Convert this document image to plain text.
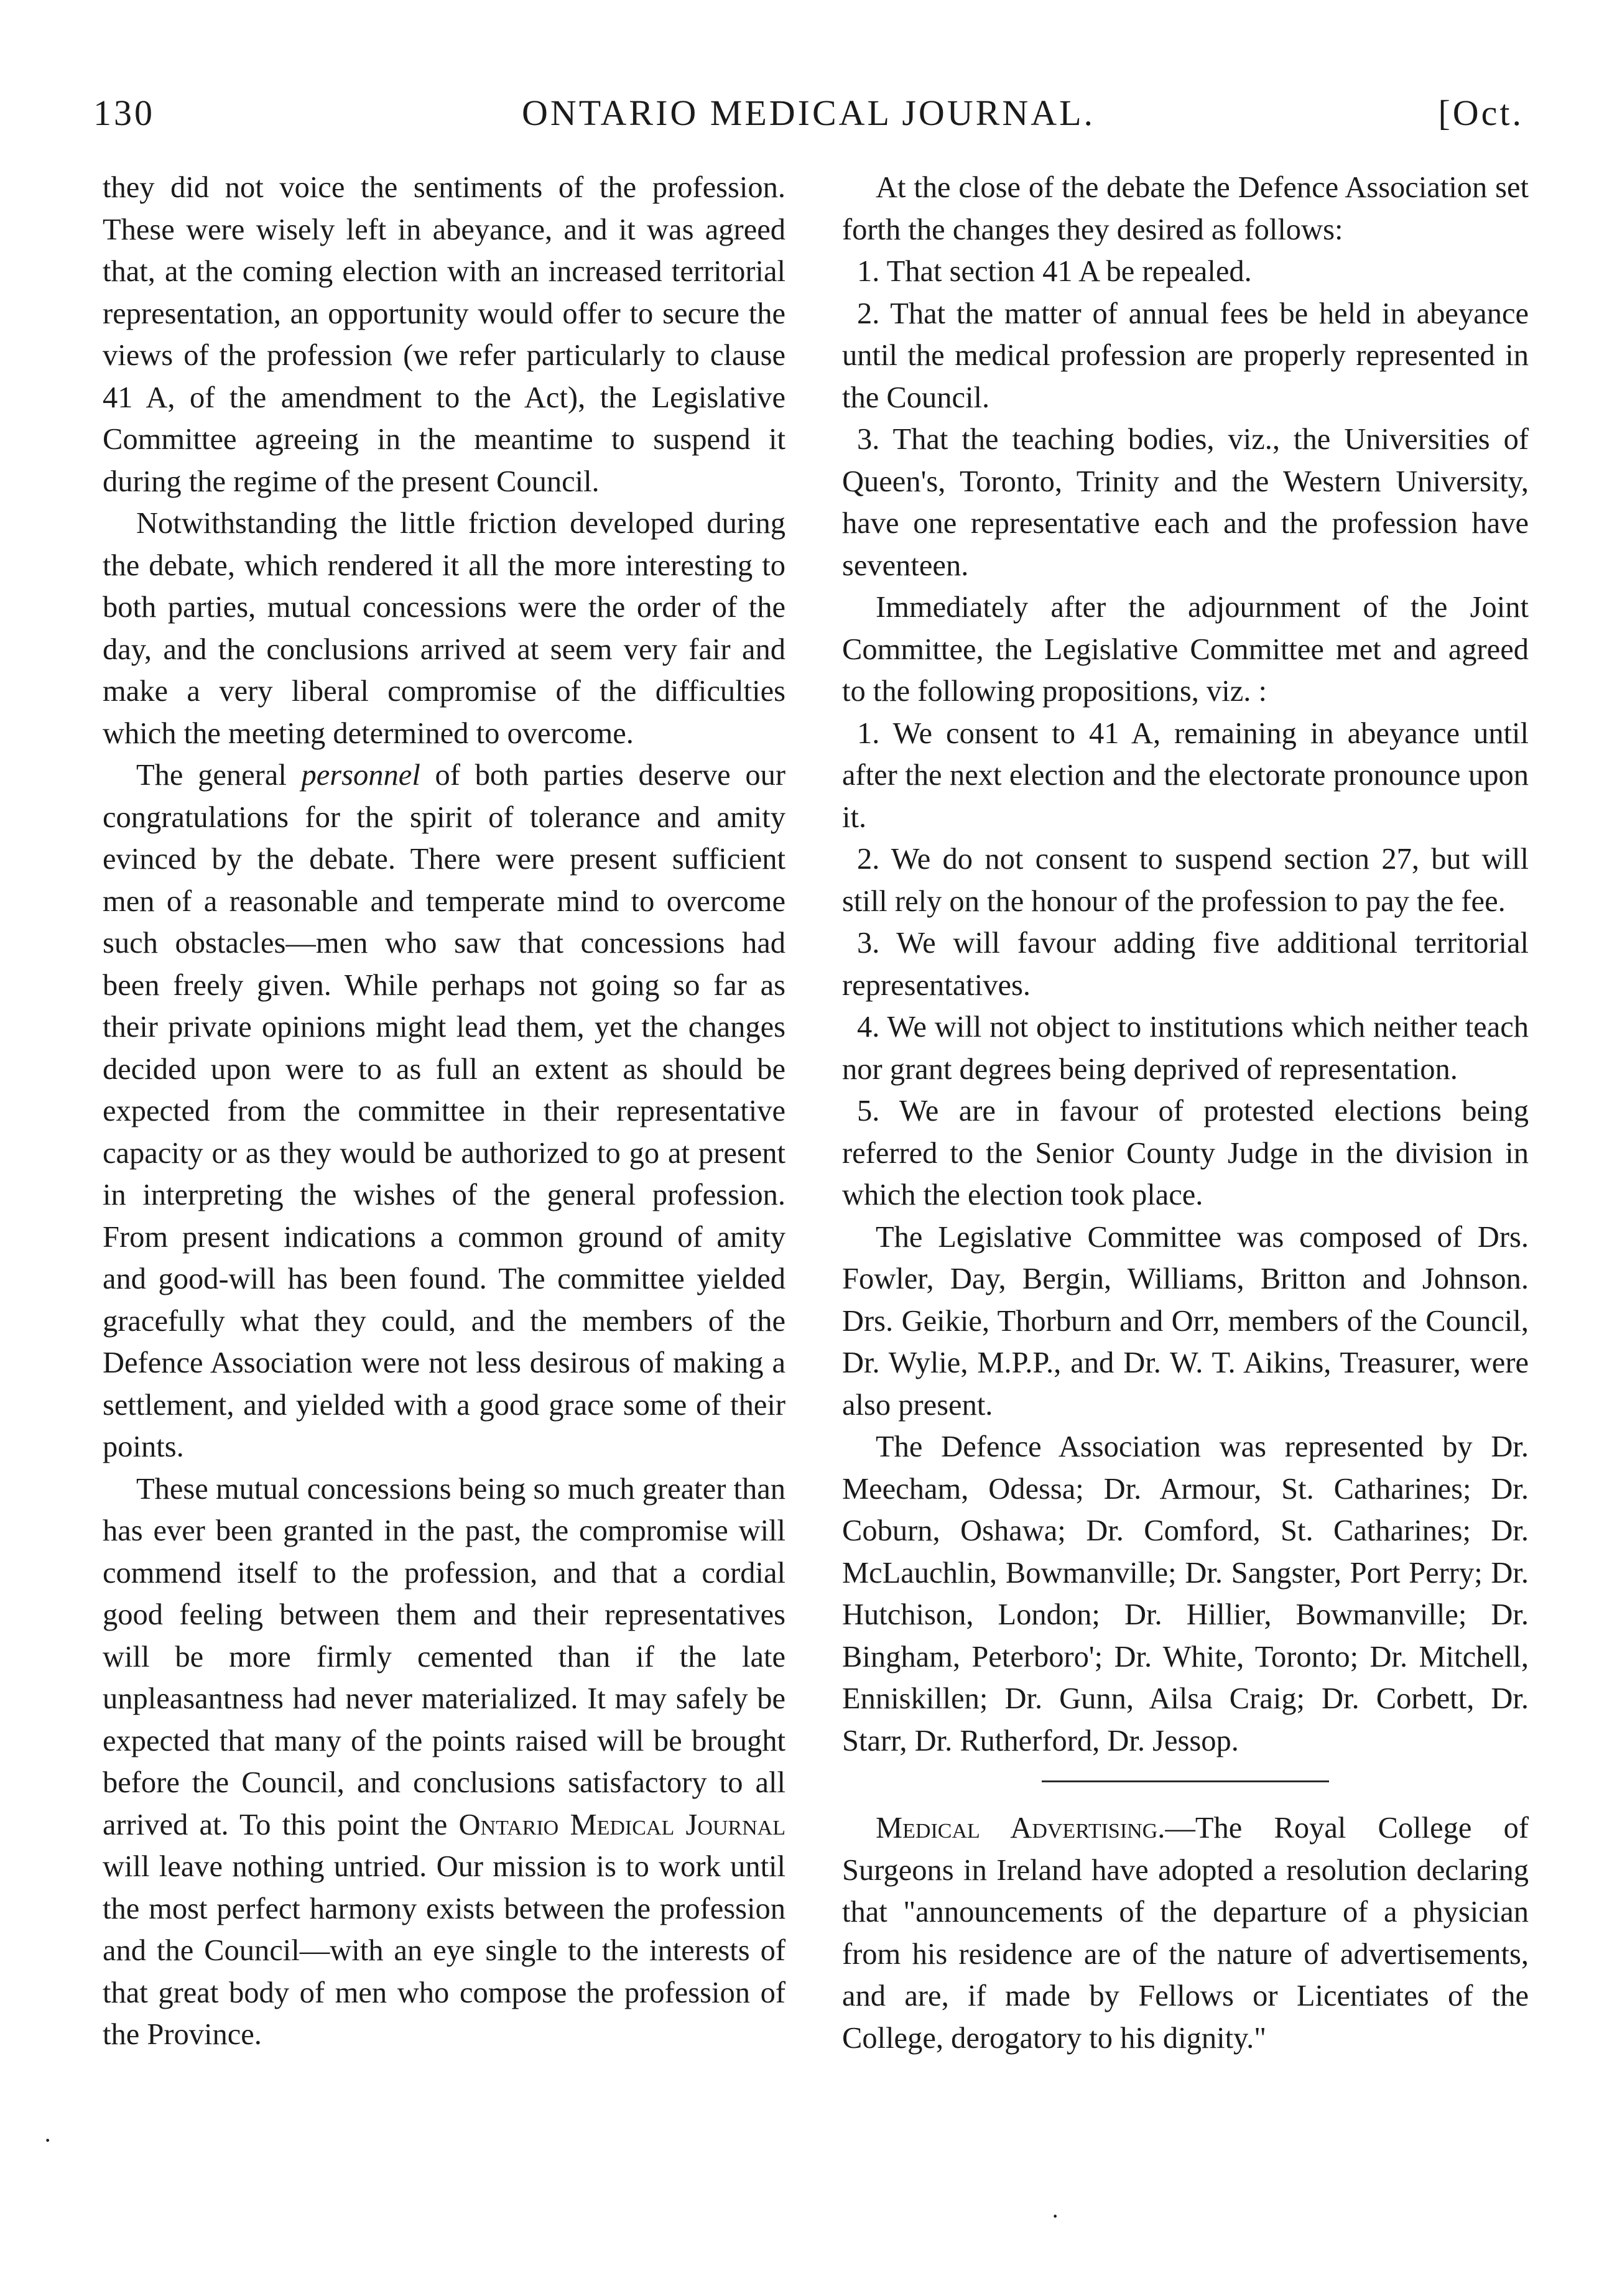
130	ONTARIO MEDICAL JOURNAL.	[Oct.

they did not voice the sentiments of the profession. These were wisely left in abeyance, and it was agreed that, at the coming election with an increased territorial representation, an opportunity would offer to secure the views of the profession (we refer particularly to clause 41 A, of the amendment to the Act), the Legislative Committee agreeing in the meantime to suspend it during the regime of the present Council.

Notwithstanding the little friction developed during the debate, which rendered it all the more interesting to both parties, mutual concessions were the order of the day, and the conclusions arrived at seem very fair and make a very liberal compromise of the difficulties which the meeting determined to overcome.

The general personnel of both parties deserve our congratulations for the spirit of tolerance and amity evinced by the debate. There were present sufficient men of a reasonable and temperate mind to overcome such obstacles—men who saw that concessions had been freely given. While perhaps not going so far as their private opinions might lead them, yet the changes decided upon were to as full an extent as should be expected from the committee in their representative capacity or as they would be authorized to go at present in interpreting the wishes of the general profession. From present indications a common ground of amity and good-will has been found. The committee yielded gracefully what they could, and the members of the Defence Association were not less desirous of making a settlement, and yielded with a good grace some of their points.

These mutual concessions being so much greater than has ever been granted in the past, the compromise will commend itself to the profession, and that a cordial good feeling between them and their representatives will be more firmly cemented than if the late unpleasantness had never materialized. It may safely be expected that many of the points raised will be brought before the Council, and conclusions satisfactory to all arrived at. To this point the Ontario Medical Journal will leave nothing untried. Our mission is to work until the most perfect harmony exists between the profession and the Council—with an eye single to the interests of that great body of men who compose the profession of the Province.

At the close of the debate the Defence Association set forth the changes they desired as follows:

1. That section 41 A be repealed.

2. That the matter of annual fees be held in abeyance until the medical profession are properly represented in the Council.

3. That the teaching bodies, viz., the Universities of Queen's, Toronto, Trinity and the Western University, have one representative each and the profession have seventeen.

Immediately after the adjournment of the Joint Committee, the Legislative Committee met and agreed to the following propositions, viz. :

1. We consent to 41 A, remaining in abeyance until after the next election and the electorate pronounce upon it.

2. We do not consent to suspend section 27, but will still rely on the honour of the profession to pay the fee.

3. We will favour adding five additional territorial representatives.

4. We will not object to institutions which neither teach nor grant degrees being deprived of representation.

5. We are in favour of protested elections being referred to the Senior County Judge in the division in which the election took place.

The Legislative Committee was composed of Drs. Fowler, Day, Bergin, Williams, Britton and Johnson. Drs. Geikie, Thorburn and Orr, members of the Council, Dr. Wylie, M.P.P., and Dr. W. T. Aikins, Treasurer, were also present.

The Defence Association was represented by Dr. Meecham, Odessa; Dr. Armour, St. Catharines; Dr. Coburn, Oshawa; Dr. Comford, St. Catharines; Dr. McLauchlin, Bowmanville; Dr. Sangster, Port Perry; Dr. Hutchison, London; Dr. Hillier, Bowmanville; Dr. Bingham, Peterboro'; Dr. White, Toronto; Dr. Mitchell, Enniskillen; Dr. Gunn, Ailsa Craig; Dr. Corbett, Dr. Starr, Dr. Rutherford, Dr. Jessop.

Medical Advertising.—The Royal College of Surgeons in Ireland have adopted a resolution declaring that "announcements of the departure of a physician from his residence are of the nature of advertisements, and are, if made by Fellows or Licentiates of the College, derogatory to his dignity."

·
·
